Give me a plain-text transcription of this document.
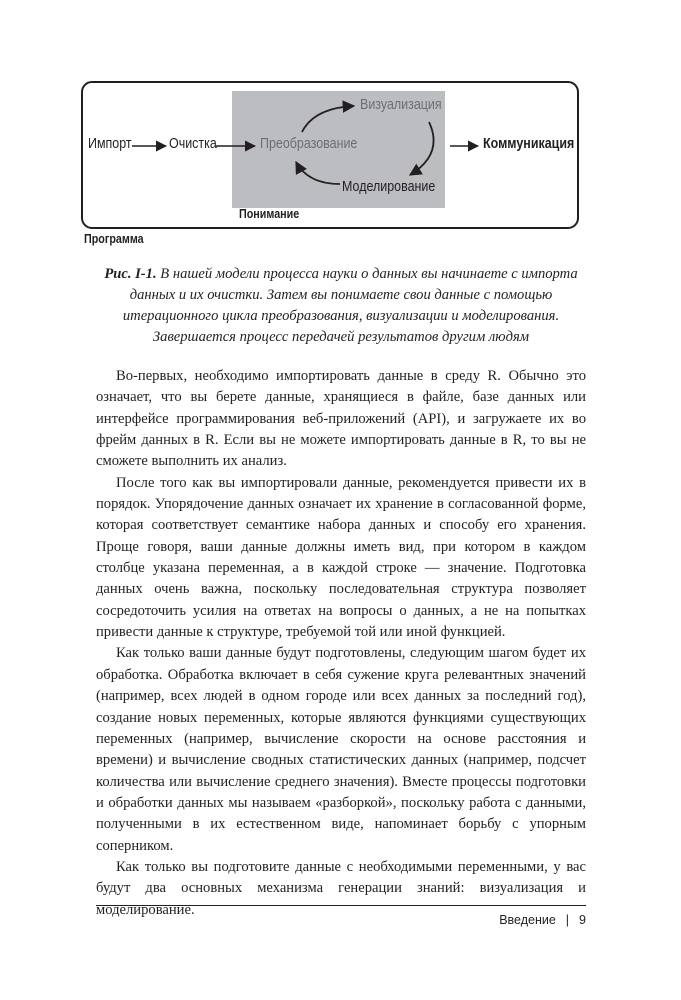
Импорт	Очистка	Преобразование
Визуализация
Моделирование
Коммуникация
Понимание
Программа
Рис. I-1. В нашей модели процесса науки о данных вы начинаете с импорта данных и их очистки. Затем вы понимаете свои данные с помощью итерационного цикла преобразования, визуализации и моделирования. Завершается процесс передачей результатов другим людям

Во-первых, необходимо импортировать данные в среду R. Обычно это означает, что вы берете данные, хранящиеся в файле, базе данных или интерфейсе программирования веб-приложений (API), и загружаете их во фрейм данных в R. Если вы не можете импортировать данные в R, то вы не сможете выполнить их анализ.

После того как вы импортировали данные, рекомендуется привести их в порядок. Упорядочение данных означает их хранение в согласованной форме, которая соответствует семантике набора данных и способу его хранения. Проще говоря, ваши данные должны иметь вид, при котором в каждом столбце указана переменная, а в каждой строке — значение. Подготовка данных очень важна, поскольку последовательная структура позволяет сосредоточить усилия на ответах на вопросы о данных, а не на попытках привести данные к структуре, требуемой той или иной функцией.

Как только ваши данные будут подготовлены, следующим шагом будет их обработка. Обработка включает в себя сужение круга релевантных значений (например, всех людей в одном городе или всех данных за последний год), создание новых переменных, которые являются функциями существующих переменных (например, вычисление скорости на основе расстояния и времени) и вычисление сводных статистических данных (например, подсчет количества или вычисление среднего значения). Вместе процессы подготовки и обработки данных мы называем «разборкой», поскольку работа с данными, полученными в их естественном виде, напоминает борьбу с упорным соперником.

Как только вы подготовите данные с необходимыми переменными, у вас будут два основных механизма генерации знаний: визуализация и моделирование.

Введение | 9
